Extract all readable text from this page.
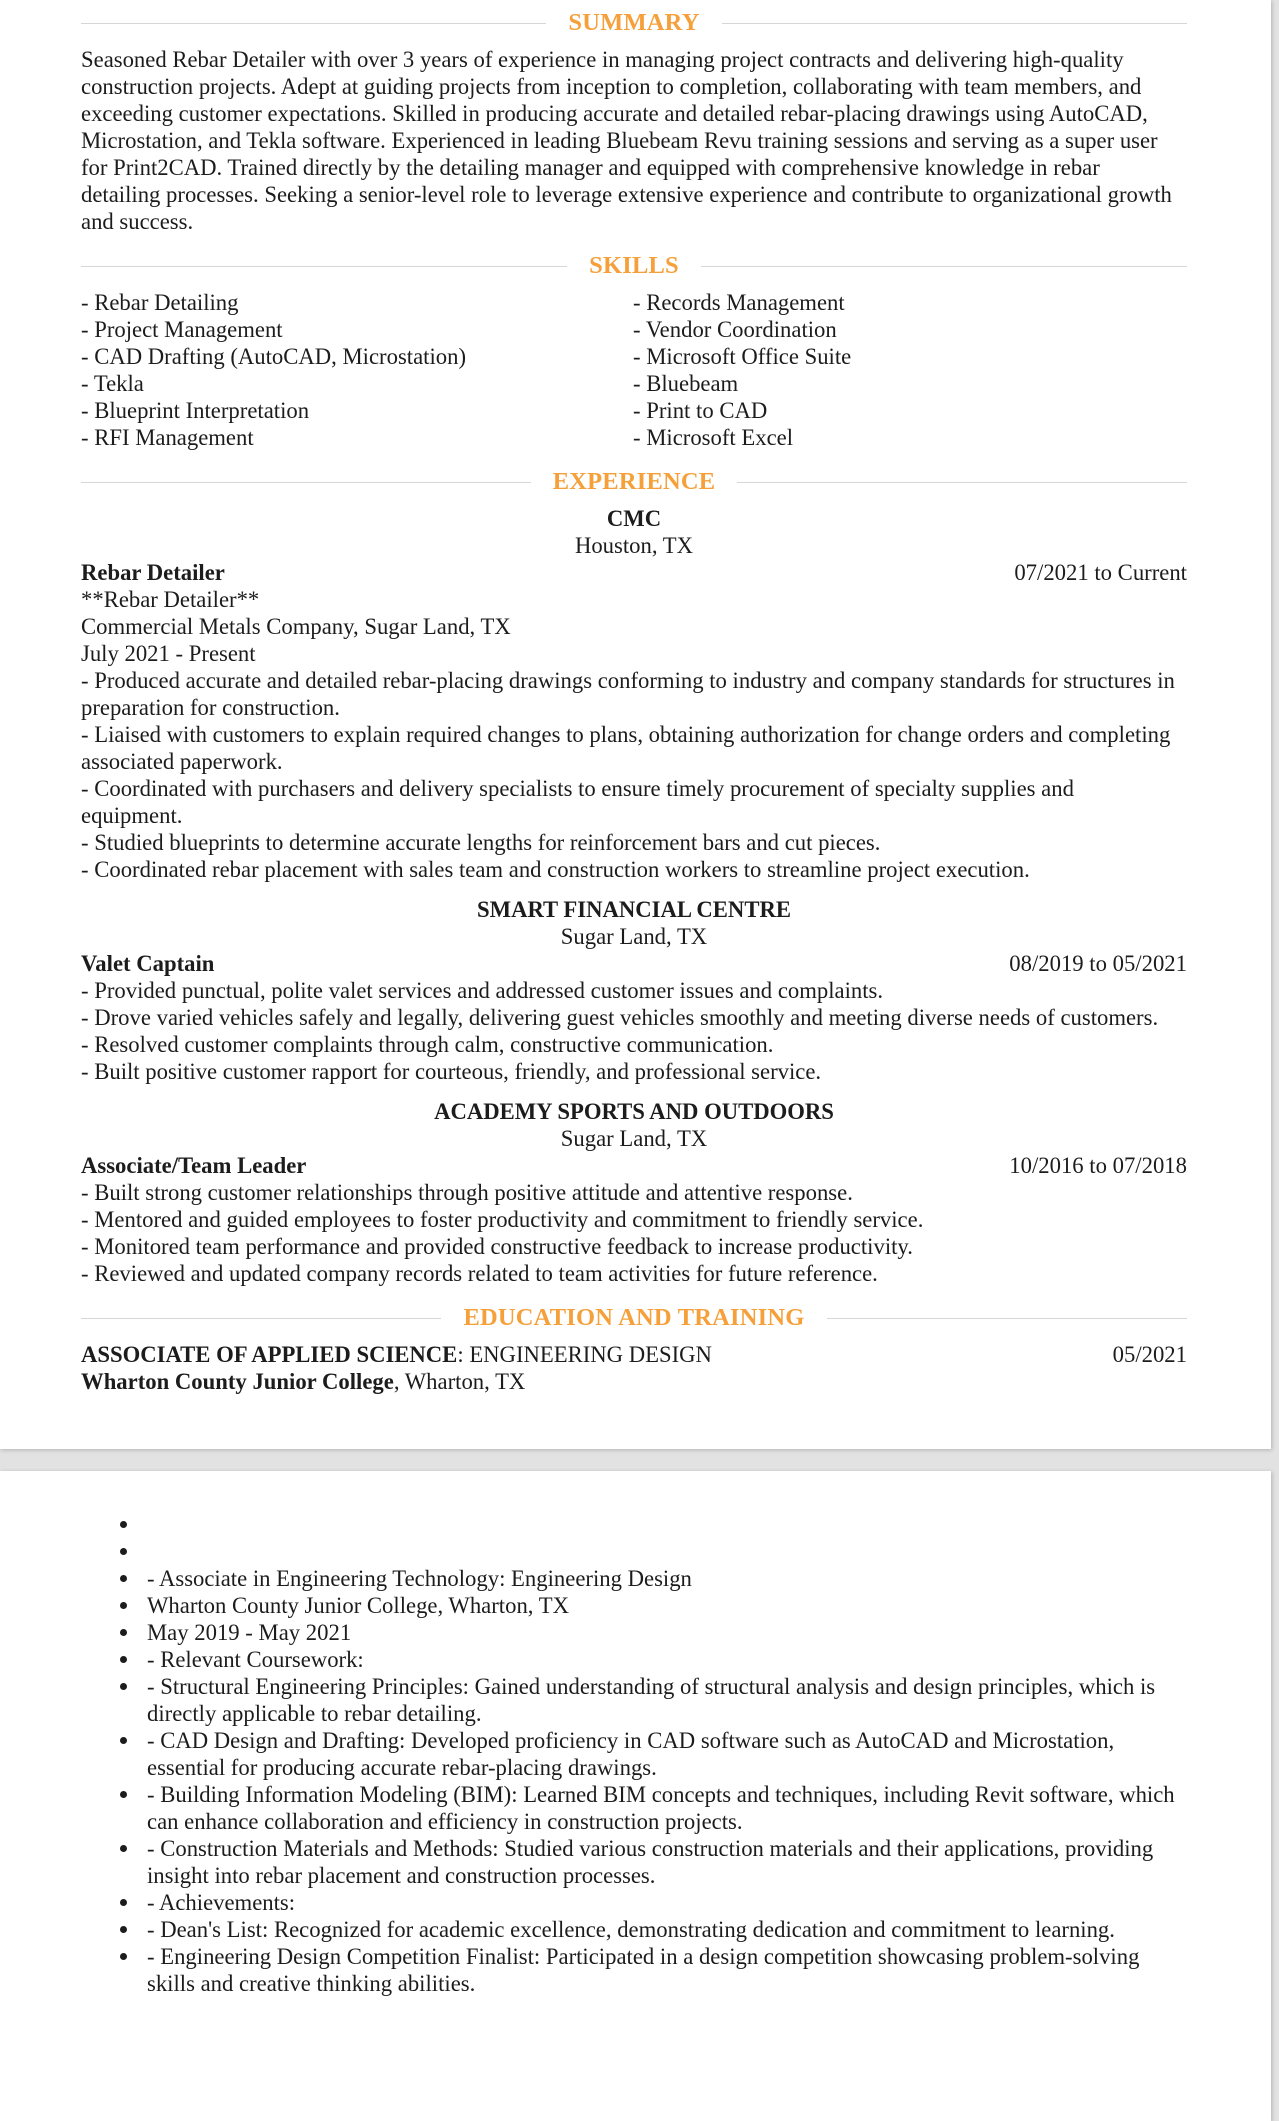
SUMMARY
Seasoned Rebar Detailer with over 3 years of experience in managing project contracts and delivering high-quality
construction projects. Adept at guiding projects from inception to completion, collaborating with team members, and
exceeding customer expectations. Skilled in producing accurate and detailed rebar-placing drawings using AutoCAD,
Microstation, and Tekla software. Experienced in leading Bluebeam Revu training sessions and serving as a super user
for Print2CAD. Trained directly by the detailing manager and equipped with comprehensive knowledge in rebar
detailing processes. Seeking a senior-level role to leverage extensive experience and contribute to organizational growth
and success.
SKILLS
- Rebar Detailing
- Project Management
- CAD Drafting (AutoCAD, Microstation)
- Tekla
- Blueprint Interpretation
- RFI Management
- Records Management
- Vendor Coordination
- Microsoft Office Suite
- Bluebeam
- Print to CAD
- Microsoft Excel
EXPERIENCE
CMC
Houston, TX
Rebar Detailer	07/2021 to Current
**Rebar Detailer**
Commercial Metals Company, Sugar Land, TX
July 2021 - Present
- Produced accurate and detailed rebar-placing drawings conforming to industry and company standards for structures in
preparation for construction.
- Liaised with customers to explain required changes to plans, obtaining authorization for change orders and completing
associated paperwork.
- Coordinated with purchasers and delivery specialists to ensure timely procurement of specialty supplies and
equipment.
- Studied blueprints to determine accurate lengths for reinforcement bars and cut pieces.
- Coordinated rebar placement with sales team and construction workers to streamline project execution.
SMART FINANCIAL CENTRE
Sugar Land, TX
Valet Captain	08/2019 to 05/2021
- Provided punctual, polite valet services and addressed customer issues and complaints.
- Drove varied vehicles safely and legally, delivering guest vehicles smoothly and meeting diverse needs of customers.
- Resolved customer complaints through calm, constructive communication.
- Built positive customer rapport for courteous, friendly, and professional service.
ACADEMY SPORTS AND OUTDOORS
Sugar Land, TX
Associate/Team Leader	10/2016 to 07/2018
- Built strong customer relationships through positive attitude and attentive response.
- Mentored and guided employees to foster productivity and commitment to friendly service.
- Monitored team performance and provided constructive feedback to increase productivity.
- Reviewed and updated company records related to team activities for future reference.
EDUCATION AND TRAINING
ASSOCIATE OF APPLIED SCIENCE: ENGINEERING DESIGN	05/2021
Wharton County Junior College, Wharton, TX
- Associate in Engineering Technology: Engineering Design
Wharton County Junior College, Wharton, TX
May 2019 - May 2021
- Relevant Coursework:
- Structural Engineering Principles: Gained understanding of structural analysis and design principles, which is
directly applicable to rebar detailing.
- CAD Design and Drafting: Developed proficiency in CAD software such as AutoCAD and Microstation,
essential for producing accurate rebar-placing drawings.
- Building Information Modeling (BIM): Learned BIM concepts and techniques, including Revit software, which
can enhance collaboration and efficiency in construction projects.
- Construction Materials and Methods: Studied various construction materials and their applications, providing
insight into rebar placement and construction processes.
- Achievements:
- Dean's List: Recognized for academic excellence, demonstrating dedication and commitment to learning.
- Engineering Design Competition Finalist: Participated in a design competition showcasing problem-solving
skills and creative thinking abilities.
